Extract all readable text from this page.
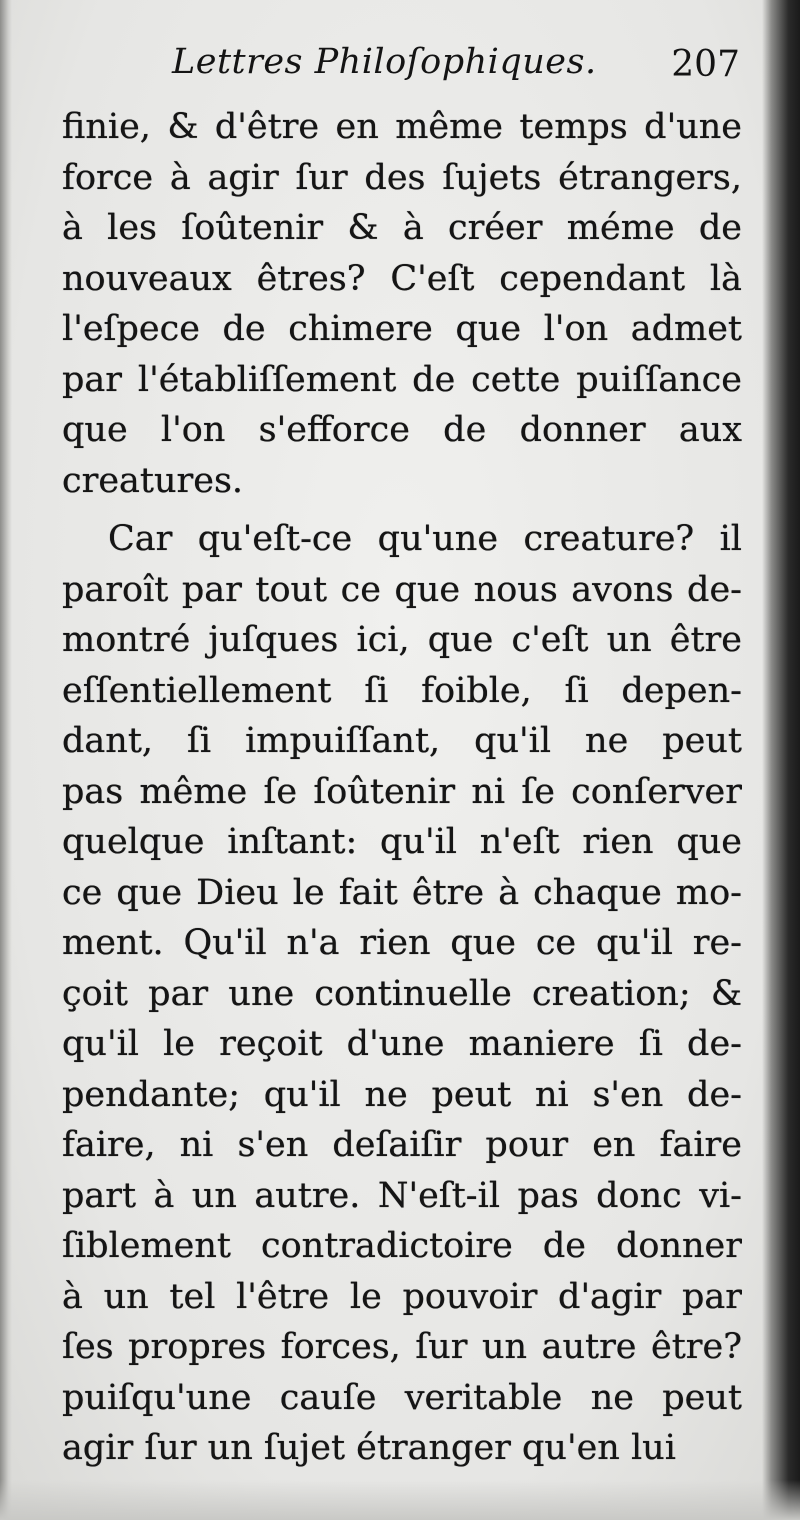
Lettres Philoſophiques. 207
finie, & d'être en même temps d'une
force à agir ſur des ſujets étrangers,
à les ſoûtenir & à créer méme de
nouveaux êtres? C'eſt cependant là
l'eſpece de chimere que l'on admet
par l'établiſſement de cette puiſſance
que l'on s'efforce de donner aux
creatures.
Car qu'eſt-ce qu'une creature? il
paroît par tout ce que nous avons de-
montré juſques ici, que c'eſt un être
eſſentiellement ſi foible, ſi depen-
dant, ſi impuiſſant, qu'il ne peut
pas même ſe ſoûtenir ni ſe conſerver
quelque inſtant: qu'il n'eſt rien que
ce que Dieu le fait être à chaque mo-
ment. Qu'il n'a rien que ce qu'il re-
çoit par une continuelle creation; &
qu'il le reçoit d'une maniere ſi de-
pendante; qu'il ne peut ni s'en de-
faire, ni s'en deſaiſir pour en faire
part à un autre. N'eſt-il pas donc vi-
ſiblement contradictoire de donner
à un tel l'être le pouvoir d'agir par
ſes propres forces, ſur un autre être?
puiſqu'une cauſe veritable ne peut
agir ſur un ſujet étranger qu'en lui
